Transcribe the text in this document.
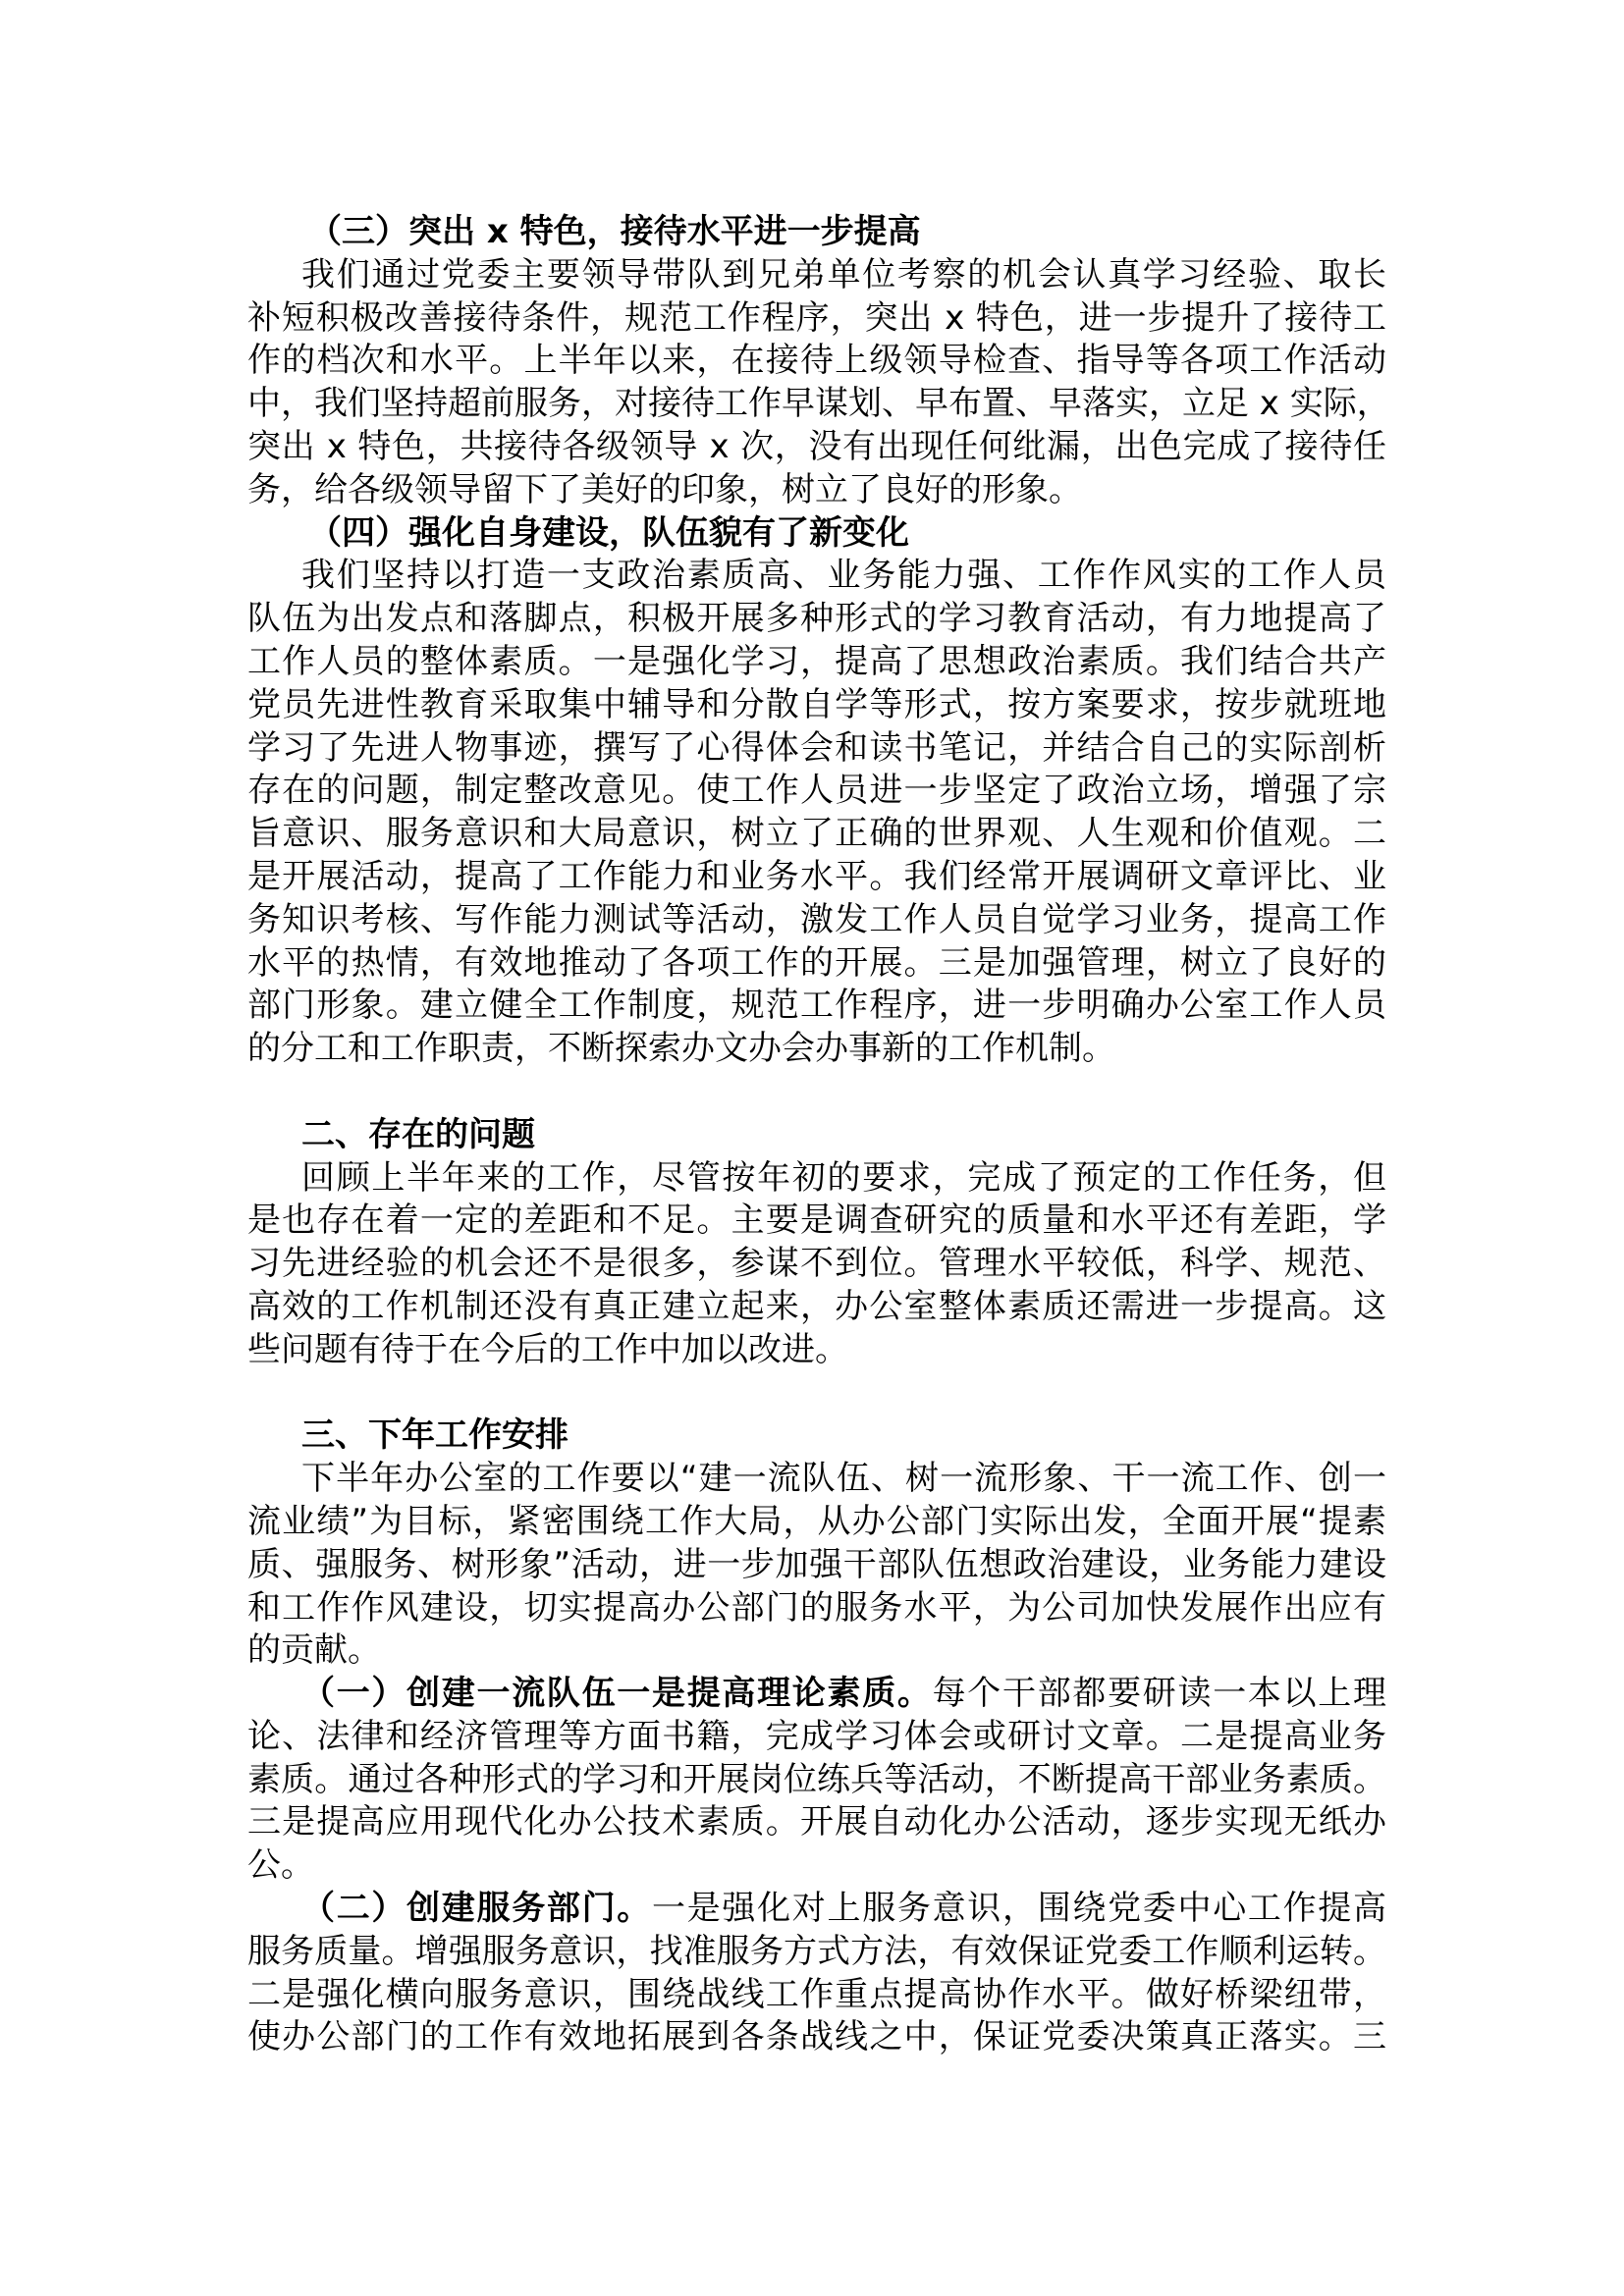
（三）突出 x 特色，接待水平进一步提高
我们通过党委主要领导带队到兄弟单位考察的机会认真学习经验、取长
补短积极改善接待条件，规范工作程序，突出 x 特色，进一步提升了接待工
作的档次和水平。上半年以来，在接待上级领导检查、指导等各项工作活动
中，我们坚持超前服务，对接待工作早谋划、早布置、早落实，立足 x 实际，
突出 x 特色，共接待各级领导 x 次，没有出现任何纰漏，出色完成了接待任
务，给各级领导留下了美好的印象，树立了良好的形象。
（四）强化自身建设，队伍貌有了新变化
我们坚持以打造一支政治素质高、业务能力强、工作作风实的工作人员
队伍为出发点和落脚点，积极开展多种形式的学习教育活动，有力地提高了
工作人员的整体素质。一是强化学习，提高了思想政治素质。我们结合共产
党员先进性教育采取集中辅导和分散自学等形式，按方案要求，按步就班地
学习了先进人物事迹，撰写了心得体会和读书笔记，并结合自己的实际剖析
存在的问题，制定整改意见。使工作人员进一步坚定了政治立场，增强了宗
旨意识、服务意识和大局意识，树立了正确的世界观、人生观和价值观。二
是开展活动，提高了工作能力和业务水平。我们经常开展调研文章评比、业
务知识考核、写作能力测试等活动，激发工作人员自觉学习业务，提高工作
水平的热情，有效地推动了各项工作的开展。三是加强管理，树立了良好的
部门形象。建立健全工作制度，规范工作程序，进一步明确办公室工作人员
的分工和工作职责，不断探索办文办会办事新的工作机制。
二、存在的问题
回顾上半年来的工作，尽管按年初的要求，完成了预定的工作任务，但
是也存在着一定的差距和不足。主要是调查研究的质量和水平还有差距，学
习先进经验的机会还不是很多，参谋不到位。管理水平较低，科学、规范、
高效的工作机制还没有真正建立起来，办公室整体素质还需进一步提高。这
些问题有待于在今后的工作中加以改进。
三、下年工作安排
下半年办公室的工作要以“建一流队伍、树一流形象、干一流工作、创一
流业绩”为目标，紧密围绕工作大局，从办公部门实际出发，全面开展“提素
质、强服务、树形象”活动，进一步加强干部队伍想政治建设，业务能力建设
和工作作风建设，切实提高办公部门的服务水平，为公司加快发展作出应有
的贡献。
（一）创建一流队伍一是提高理论素质。每个干部都要研读一本以上理
论、法律和经济管理等方面书籍，完成学习体会或研讨文章。二是提高业务
素质。通过各种形式的学习和开展岗位练兵等活动，不断提高干部业务素质。
三是提高应用现代化办公技术素质。开展自动化办公活动，逐步实现无纸办
公。
（二）创建服务部门。一是强化对上服务意识，围绕党委中心工作提高
服务质量。增强服务意识，找准服务方式方法，有效保证党委工作顺利运转。
二是强化横向服务意识，围绕战线工作重点提高协作水平。做好桥梁纽带，
使办公部门的工作有效地拓展到各条战线之中，保证党委决策真正落实。三
